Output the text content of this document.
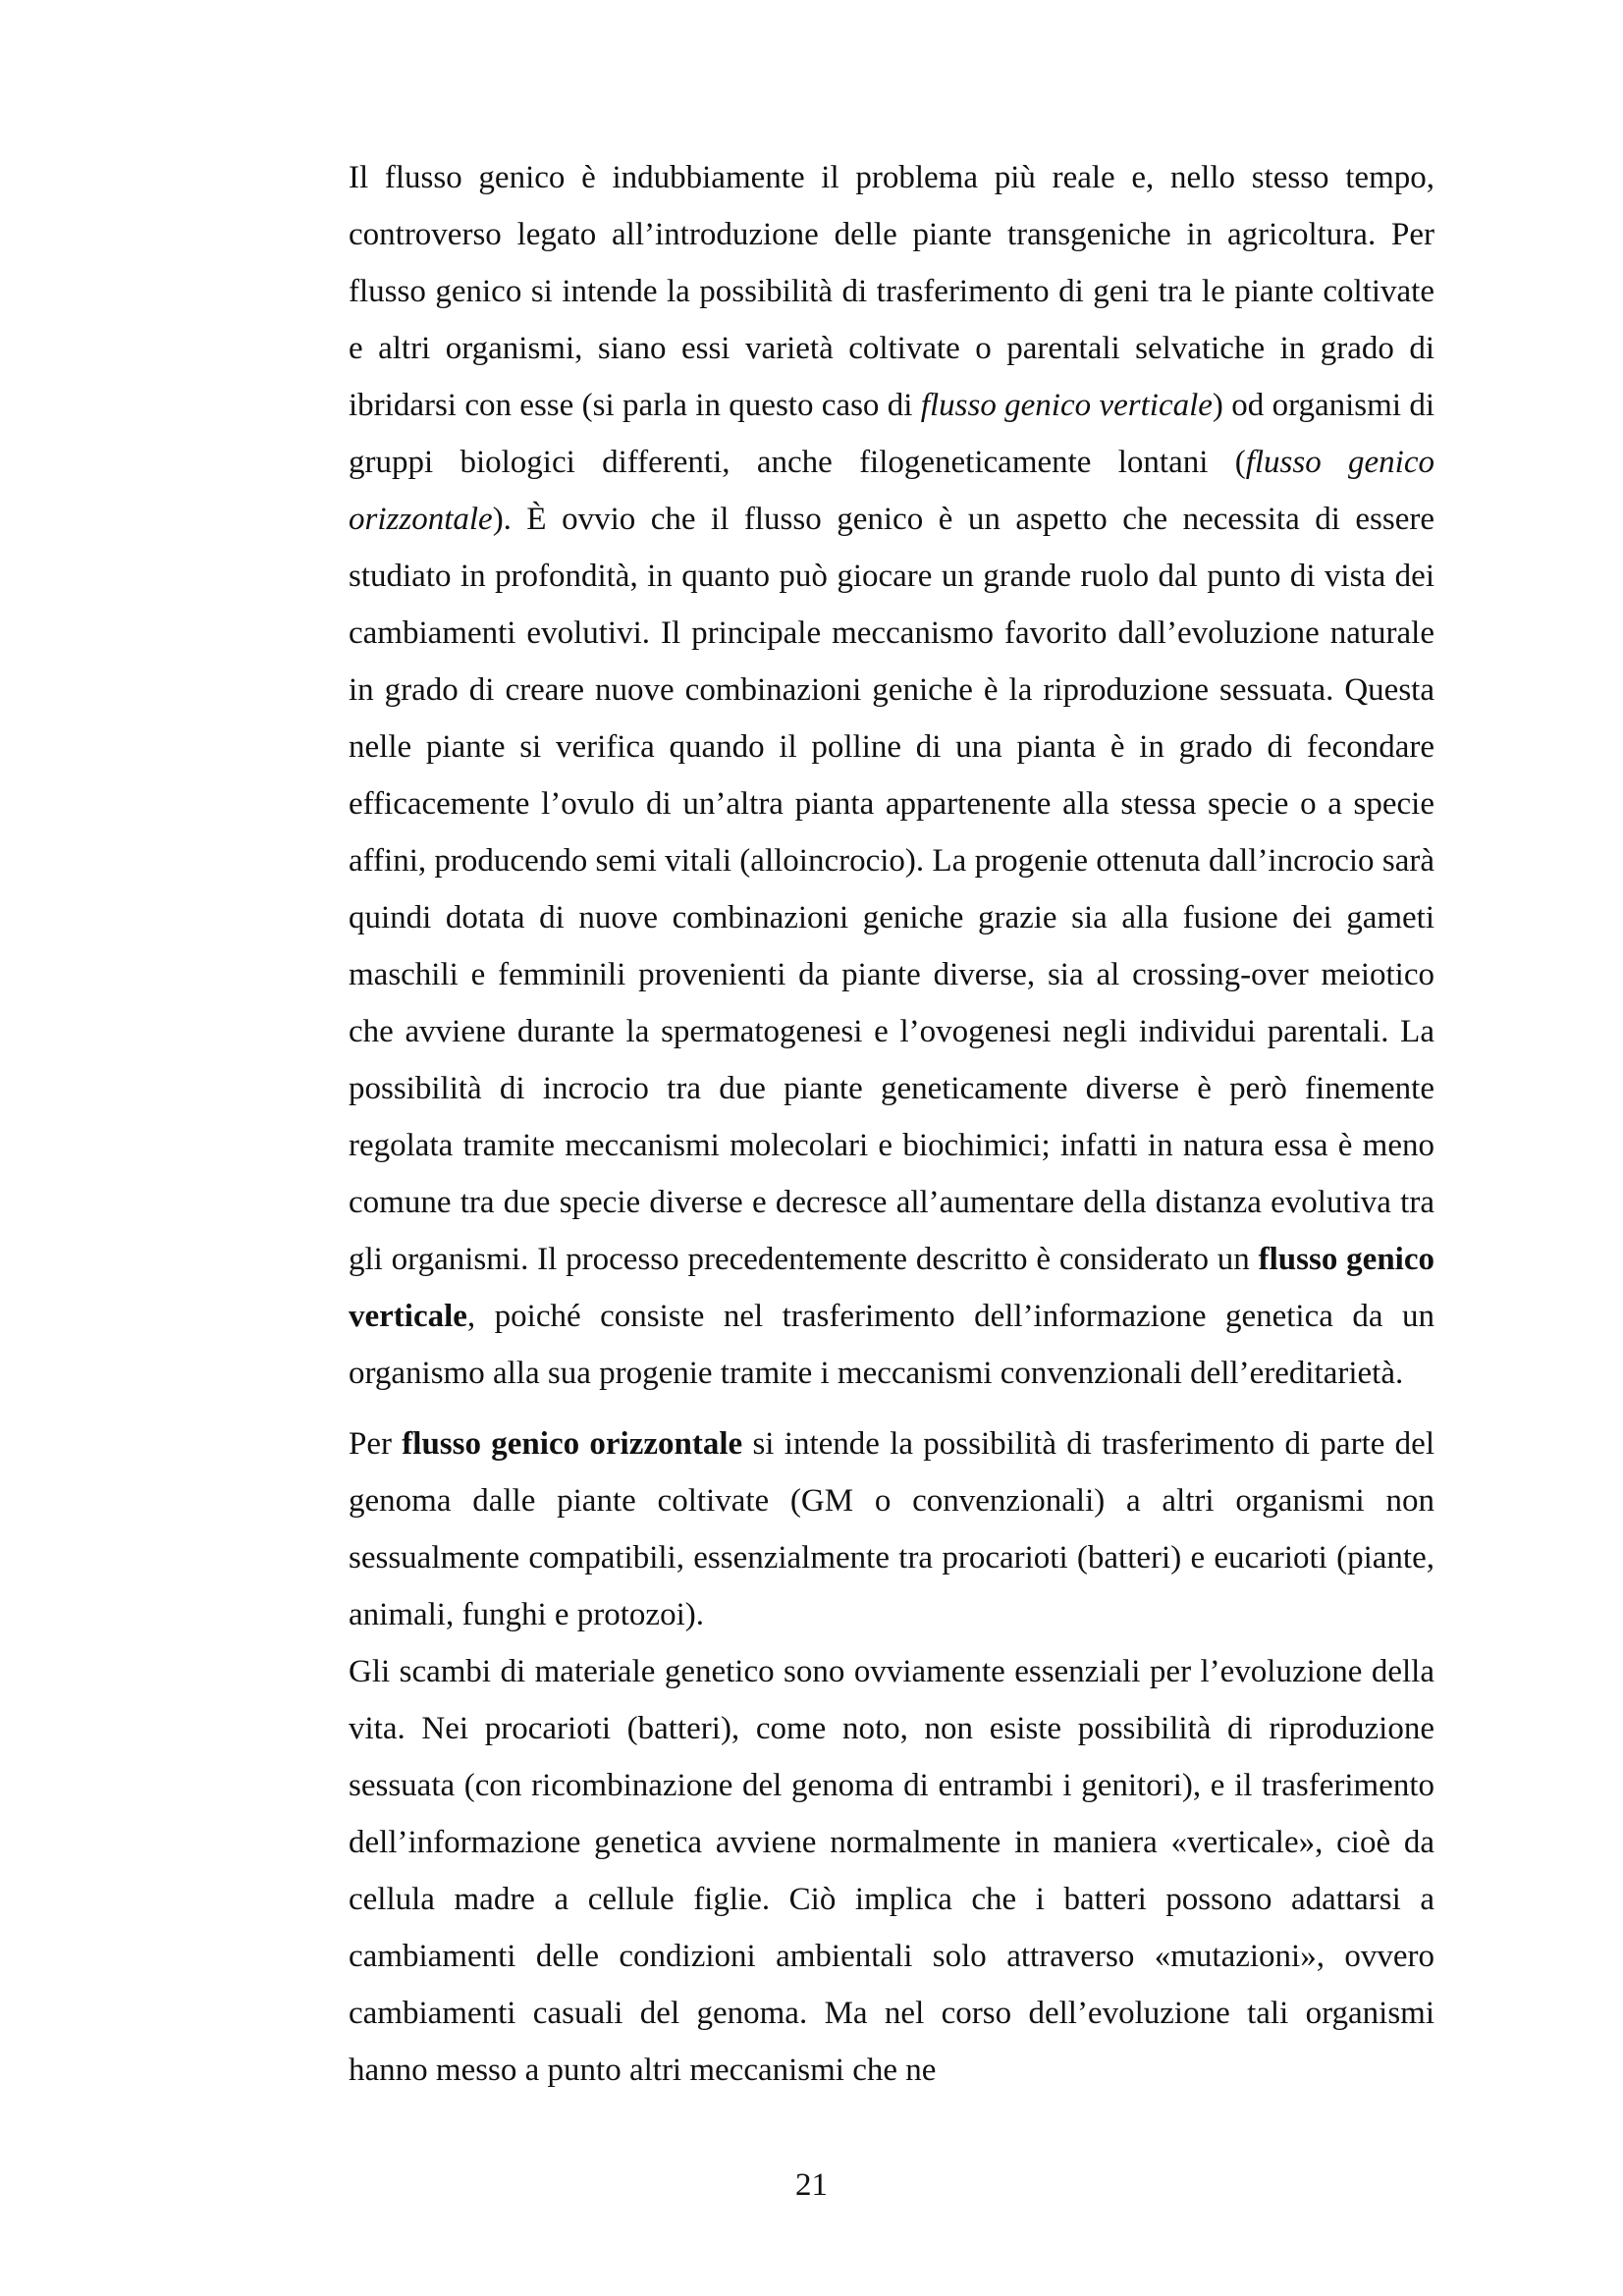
Il flusso genico è indubbiamente il problema più reale e, nello stesso tempo, controverso legato all’introduzione delle piante transgeniche in agricoltura. Per flusso genico si intende la possibilità di trasferimento di geni tra le piante coltivate e altri organismi, siano essi varietà coltivate o parentali selvatiche in grado di ibridarsi con esse (si parla in questo caso di flusso genico verticale) od organismi di gruppi biologici differenti, anche filogeneticamente lontani (flusso genico orizzontale). È ovvio che il flusso genico è un aspetto che necessita di essere studiato in profondità, in quanto può giocare un grande ruolo dal punto di vista dei cambiamenti evolutivi. Il principale meccanismo favorito dall’evoluzione naturale in grado di creare nuove combinazioni geniche è la riproduzione sessuata. Questa nelle piante si verifica quando il polline di una pianta è in grado di fecondare efficacemente l’ovulo di un’altra pianta appartenente alla stessa specie o a specie affini, producendo semi vitali (alloincrocio). La progenie ottenuta dall’incrocio sarà quindi dotata di nuove combinazioni geniche grazie sia alla fusione dei gameti maschili e femminili provenienti da piante diverse, sia al crossing-over meiotico che avviene durante la spermatogenesi e l’ovogenesi negli individui parentali. La possibilità di incrocio tra due piante geneticamente diverse è però finemente regolata tramite meccanismi molecolari e biochimici; infatti in natura essa è meno comune tra due specie diverse e decresce all’aumentare della distanza evolutiva tra gli organismi. Il processo precedentemente descritto è considerato un flusso genico verticale, poiché consiste nel trasferimento dell’informazione genetica da un organismo alla sua progenie tramite i meccanismi convenzionali dell’ereditarietà.

Per flusso genico orizzontale si intende la possibilità di trasferimento di parte del genoma dalle piante coltivate (GM o convenzionali) a altri organismi non sessualmente compatibili, essenzialmente tra procarioti (batteri) e eucarioti (piante, animali, funghi e protozoi).

Gli scambi di materiale genetico sono ovviamente essenziali per l’evoluzione della vita. Nei procarioti (batteri), come noto, non esiste possibilità di riproduzione sessuata (con ricombinazione del genoma di entrambi i genitori), e il trasferimento dell’informazione genetica avviene normalmente in maniera «verticale», cioè da cellula madre a cellule figlie. Ciò implica che i batteri possono adattarsi a cambiamenti delle condizioni ambientali solo attraverso «mutazioni», ovvero cambiamenti casuali del genoma. Ma nel corso dell’evoluzione tali organismi hanno messo a punto altri meccanismi che ne

21
